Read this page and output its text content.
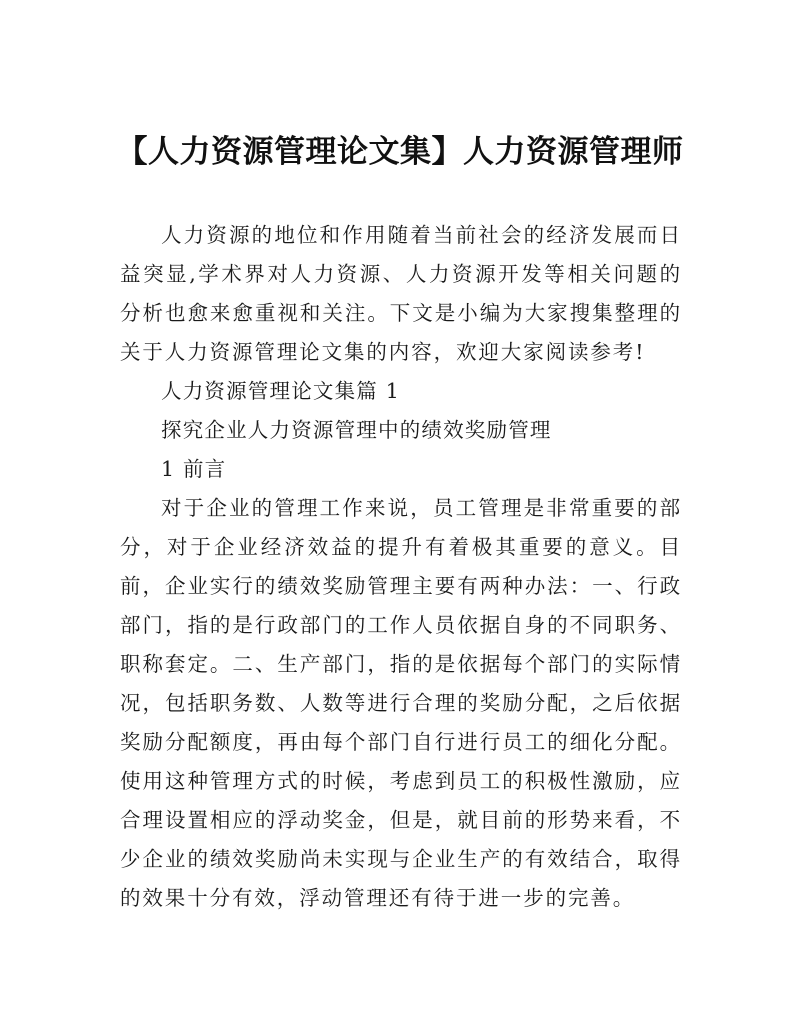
【人力资源管理论文集】人力资源管理师

人力资源的地位和作用随着当前社会的经济发展而日益突显,学术界对人力资源、人力资源开发等相关问题的分析也愈来愈重视和关注。下文是小编为大家搜集整理的关于人力资源管理论文集的内容，欢迎大家阅读参考!

人力资源管理论文集篇 1

探究企业人力资源管理中的绩效奖励管理

1 前言

对于企业的管理工作来说，员工管理是非常重要的部分，对于企业经济效益的提升有着极其重要的意义。目前，企业实行的绩效奖励管理主要有两种办法：一、行政部门，指的是行政部门的工作人员依据自身的不同职务、职称套定。二、生产部门，指的是依据每个部门的实际情况，包括职务数、人数等进行合理的奖励分配，之后依据奖励分配额度，再由每个部门自行进行员工的细化分配。使用这种管理方式的时候，考虑到员工的积极性激励，应合理设置相应的浮动奖金，但是，就目前的形势来看，不少企业的绩效奖励尚未实现与企业生产的有效结合，取得的效果十分有效，浮动管理还有待于进一步的完善。
